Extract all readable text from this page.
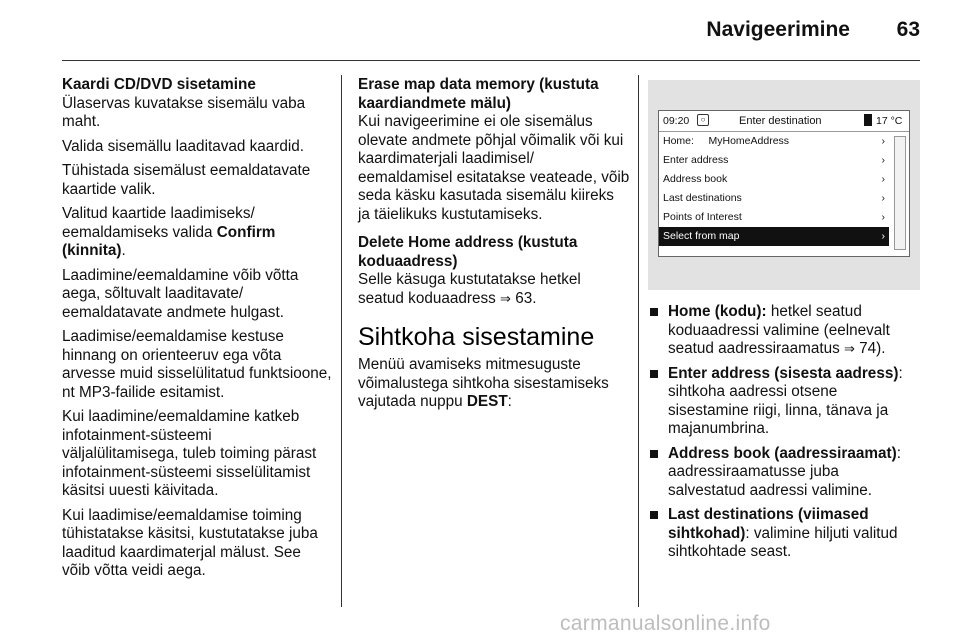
Navigeerimine	63

Kaardi CD/DVD sisetamine
Ülaservas kuvatakse sisemälu vaba maht.

Valida sisemällu laaditavad kaardid.

Tühistada sisemälust eemaldatavate kaartide valik.

Valitud kaartide laadimiseks/ eemaldamiseks valida Confirm (kinnita).

Laadimine/eemaldamine võib võtta aega, sõltuvalt laaditavate/ eemaldatavate andmete hulgast.

Laadimise/eemaldamise kestuse hinnang on orienteeruv ega võta arvesse muid sisselülitatud funktsioone, nt MP3-failide esitamist.

Kui laadimine/eemaldamine katkeb infotainment-süsteemi väljalülitamisega, tuleb toiming pärast infotainment-süsteemi sisselülitamist käsitsi uuesti käivitada.

Kui laadimise/eemaldamise toiming tühistatakse käsitsi, kustutatakse juba laaditud kaardimaterjal mälust. See võib võtta veidi aega.

Erase map data memory (kustuta kaardiandmete mälu)
Kui navigeerimine ei ole sisemälus olevate andmete põhjal võimalik või kui kaardimaterjali laadimisel/ eemaldamisel esitatakse veateade, võib seda käsku kasutada sisemälu kiireks ja täielikuks kustutamiseks.

Delete Home address (kustuta koduaadress)
Selle käsuga kustutatakse hetkel seatud koduaadress ⇒ 63.

Sihtkoha sisestamine

Menüü avamiseks mitmesuguste võimalustega sihtkoha sisestamiseks vajutada nuppu DEST:

09:20	○	Enter destination	17 °C
Home:     MyHomeAddress	›
Enter address	›
Address book	›
Last destinations	›
Points of Interest	›
Select from map	›
Home (kodu): hetkel seatud koduaadressi valimine (eelnevalt seatud aadressiraamatus ⇒ 74).
Enter address (sisesta aadress): sihtkoha aadressi otsene sisestamine riigi, linna, tänava ja majanumbrina.
Address book (aadressiraamat): aadressiraamatusse juba salvestatud aadressi valimine.
Last destinations (viimased sihtkohad): valimine hiljuti valitud sihtkohtade seast.
carmanualsonline.info
